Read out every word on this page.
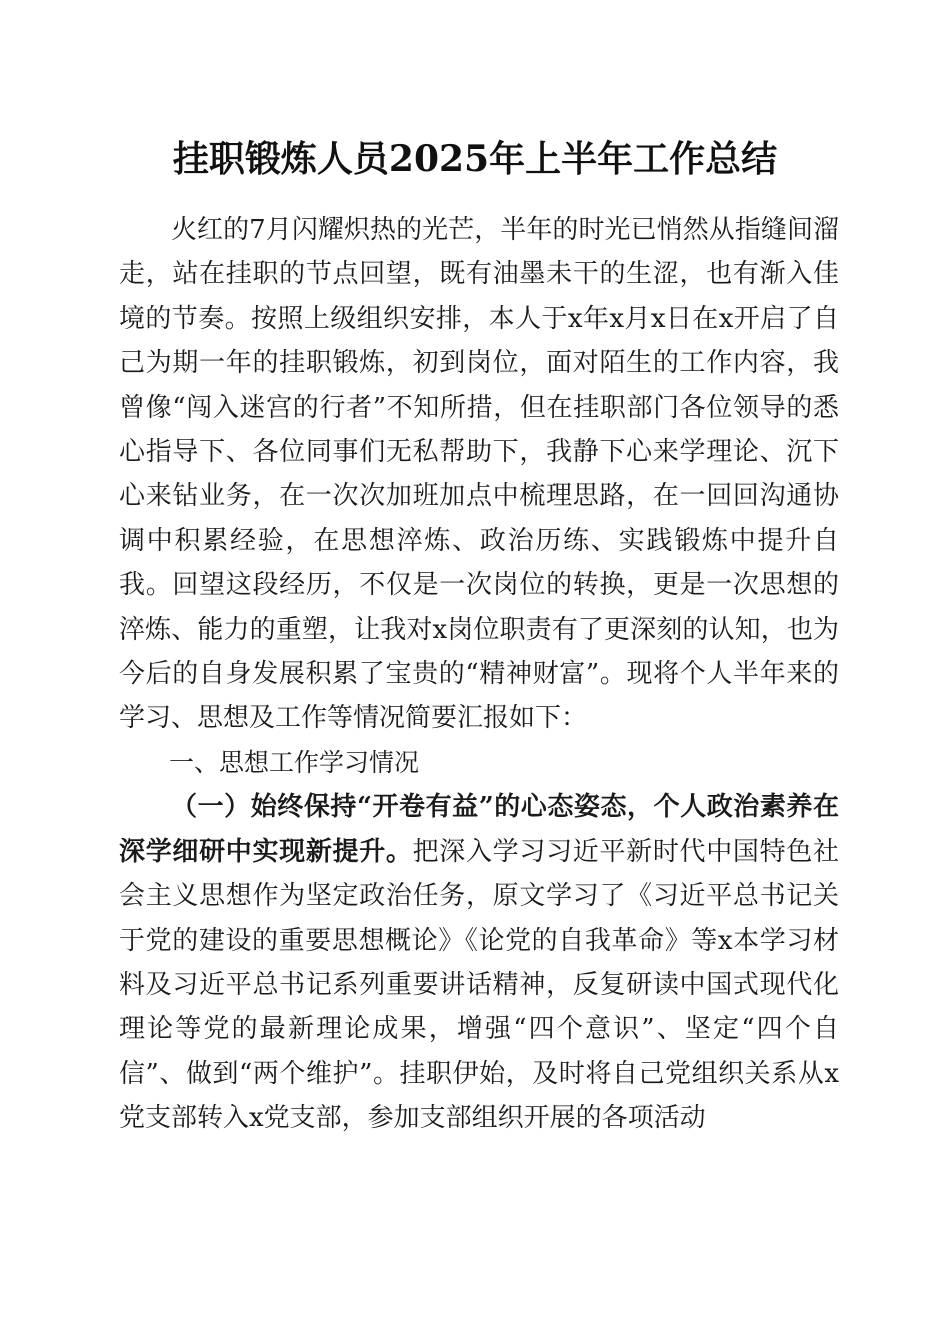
挂职锻炼人员2025年上半年工作总结

火红的7月闪耀炽热的光芒，半年的时光已悄然从指缝间溜走，站在挂职的节点回望，既有油墨未干的生涩，也有渐入佳境的节奏。按照上级组织安排，本人于x年x月x日在x开启了自己为期一年的挂职锻炼，初到岗位，面对陌生的工作内容，我曾像“闯入迷宫的行者”不知所措，但在挂职部门各位领导的悉心指导下、各位同事们无私帮助下，我静下心来学理论、沉下心来钻业务，在一次次加班加点中梳理思路，在一回回沟通协调中积累经验，在思想淬炼、政治历练、实践锻炼中提升自我。回望这段经历，不仅是一次岗位的转换，更是一次思想的淬炼、能力的重塑，让我对x岗位职责有了更深刻的认知，也为今后的自身发展积累了宝贵的“精神财富”。现将个人半年来的学习、思想及工作等情况简要汇报如下：

一、思想工作学习情况

（一）始终保持“开卷有益”的心态姿态，个人政治素养在深学细研中实现新提升。把深入学习习近平新时代中国特色社会主义思想作为坚定政治任务，原文学习了《习近平总书记关于党的建设的重要思想概论》《论党的自我革命》等x本学习材料及习近平总书记系列重要讲话精神，反复研读中国式现代化理论等党的最新理论成果，增强“四个意识”、坚定“四个自信”、做到“两个维护”。挂职伊始，及时将自己党组织关系从x党支部转入x党支部，参加支部组织开展的各项活动
